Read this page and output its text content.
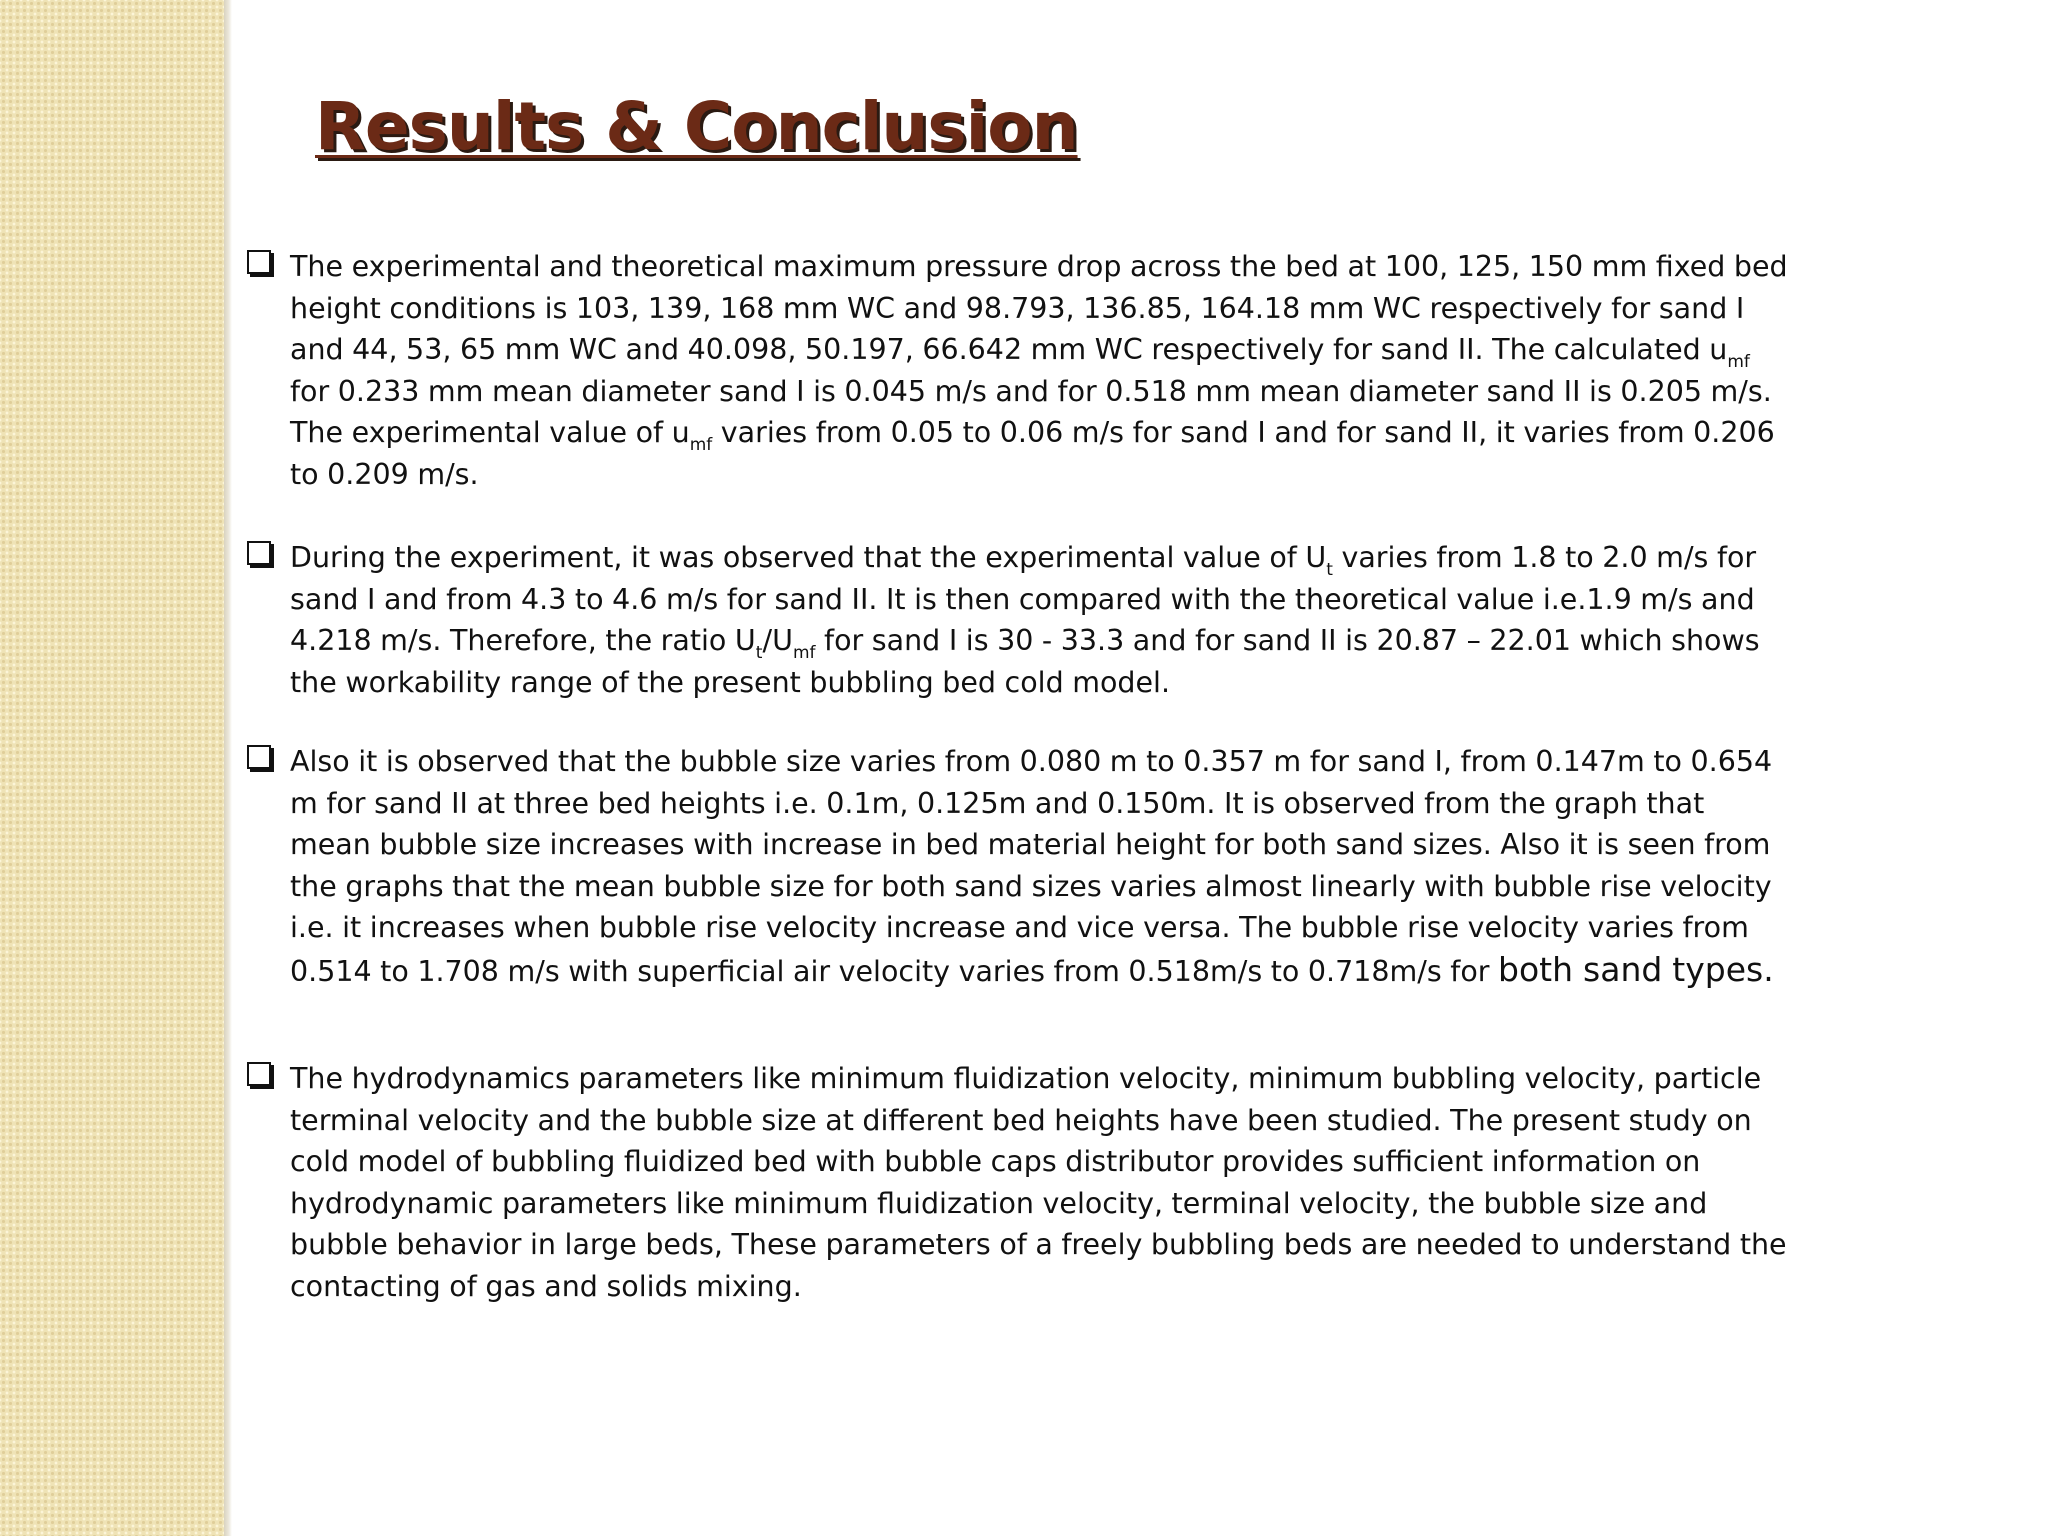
Results & Conclusion
The experimental and theoretical maximum pressure drop across the bed at 100, 125, 150 mm fixed bed height conditions is 103, 139, 168 mm WC and 98.793, 136.85, 164.18 mm WC respectively for sand I and 44, 53, 65 mm WC and 40.098, 50.197, 66.642 mm WC respectively for sand II. The calculated $u_{mf}$ for 0.233 mm mean diameter sand I is 0.045 m/s and for 0.518 mm mean diameter sand II is 0.205 m/s. The experimental value of $u_{mf}$ varies from 0.05 to 0.06 m/s for sand I and for sand II, it varies from 0.206 to 0.209 m/s.
During the experiment, it was observed that the experimental value of $U_t$ varies from 1.8 to 2.0 m/s for sand I and from 4.3 to 4.6 m/s for sand II. It is then compared with the theoretical value i.e.1.9 m/s and 4.218 m/s. Therefore, the ratio $U_t/U_{mf}$ for sand I is 30 - 33.3 and for sand II is 20.87 – 22.01 which shows the workability range of the present bubbling bed cold model.
Also it is observed that the bubble size varies from 0.080 m to 0.357 m for sand I, from 0.147m to 0.654 m for sand II at three bed heights i.e. 0.1m, 0.125m and 0.150m. It is observed from the graph that mean bubble size increases with increase in bed material height for both sand sizes. Also it is seen from the graphs that the mean bubble size for both sand sizes varies almost linearly with bubble rise velocity i.e. it increases when bubble rise velocity increase and vice versa. The bubble rise velocity varies from 0.514 to 1.708 m/s with superficial air velocity varies from 0.518m/s to 0.718m/s for both sand types.
The hydrodynamics parameters like minimum fluidization velocity, minimum bubbling velocity, particle terminal velocity and the bubble size at different bed heights have been studied. The present study on cold model of bubbling fluidized bed with bubble caps distributor provides sufficient information on hydrodynamic parameters like minimum fluidization velocity, terminal velocity, the bubble size and bubble behavior in large beds, These parameters of a freely bubbling beds are needed to understand the contacting of gas and solids mixing.
